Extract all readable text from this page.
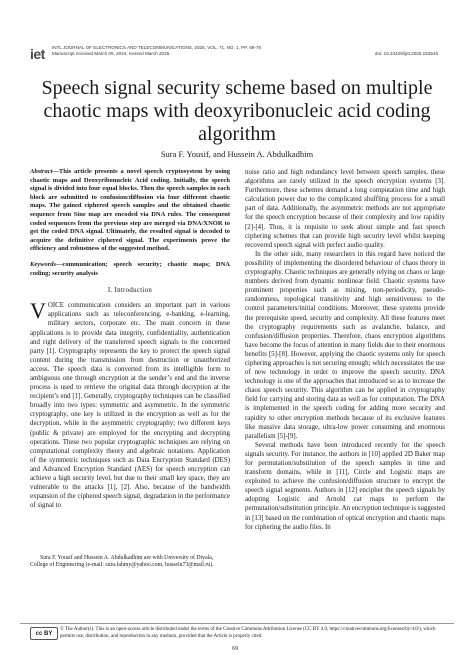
iet INTL JOURNAL OF ELECTRONICS AND TELECOMMUNICATIONS, 2025, VOL. 71, NO. 1, PP. 69-78
Manuscript received March 05, 2024; revised March 2025.	doi: 10.24425/ijet.2025.153546
Speech signal security scheme based on multiple chaotic maps with deoxyribonucleic acid coding algorithm
Sura F. Yousif, and Hussein A. Abdulkadhim
Abstract—This article presents a novel speech cryptosystem by using chaotic maps and Deoxyribonucleic Acid coding. Initially, the speech signal is divided into four equal blocks. Then the speech samples in each block are submitted to confusion/diffusion via four different chaotic maps. The gained ciphered speech samples and the obtained chaotic sequence from Sine map are encoded via DNA rules. The consequent coded sequences from the previous step are merged via DNA/XNOR to get the coded DNA signal. Ultimately, the resulted signal is decoded to acquire the definitive ciphered signal. The experiments prove the efficiency and robustness of the suggested method.
Keywords—communication; speech security; chaotic maps; DNA coding; security analysis
I. Introduction

VOICE communication considers an important part in various applications such as teleconferencing, e-banking, e-learning, military sectors, corporate etc. The main concern in these applications is to provide data integrity, confidentiality, authentication and right delivery of the transferred speech signals to the concerned party [1]. Cryptography represents the key to protect the speech signal content during the transmission from destruction or unauthorized access. The speech data is converted from its intelligible form to ambiguous one through encryption at the sender’s end and the inverse process is used to retrieve the original data through decryption at the recipient’s end [1]. Generally, cryptography techniques can be classified broadly into two types: symmetric and asymmetric. In the symmetric cryptography, one key is utilized in the encryption as well as for the decryption, while in the asymmetric cryptography; two different keys (public & private) are employed for the encrypting and decrypting operations. These two popular cryptographic techniques are relying on computational complexity theory and algebraic notations. Application of the symmetric techniques such as Data Encryption Standard (DES) and Advanced Encryption Standard (AES) for speech encryption can achieve a high security level, but due to their small key space, they are vulnerable to the attacks [1], [2]. Also, because of the bandwidth expansion of the ciphered speech signal, degradation in the performance of signal to

noise ratio and high redundancy level between speech samples, these algorithms are rarely utilized in the speech encryption systems [3]. Furthermore, these schemes demand a long computation time and high calculation power due to the complicated shuffling process for a small part of data. Additionally, the asymmetric methods are not appropriate for the speech encryption because of their complexity and low rapidity [2]-[4]. Thus, it is requisite to seek about simple and fast speech ciphering schemes that can provide high security level whilst keeping recovered speech signal with perfect audio quality.

In the other side, many researchers in this regard have noticed the possibility of implementing the disordered behaviour of chaos theory in cryptography. Chaotic techniques are generally relying on chaos or large numbers derived from dynamic nonlinear field. Chaotic systems have prominent properties such as mixing, non-periodicity, pseudo-randomness, topological transitivity and high sensitiveness to the control parameters/initial conditions. Moreover, these systems provide the prerequisite speed, security and complexity. All these features meet the cryptography requirements such as avalanche, balance, and confusion/diffusion properties. Therefore, chaos encryption algorithms have become the focus of attention in many fields due to their enormous benefits [5]-[8]. However, applying the chaotic systems only for speech ciphering approaches is not securing enough; which necessitates the use of new technology in order to improve the speech security. DNA technology is one of the approaches that introduced so as to increase the chaos speech security. This algorithm can be applied in cryptography field for carrying and storing data as well as for computation. The DNA is implemented in the speech coding for adding more security and rapidity to other encryption methods because of its exclusive features like massive data storage, ultra-low power consuming and enormous parallelism [5]-[9].

Several methods have been introduced recently for the speech signals security. For instance, the authors in [10] applied 2D Baker map for permutation/substitution of the speech samples in time and transform domains, while in [11], Circle and Logistic maps are exploited to achieve the confusion/diffusion structure to encrypt the speech signal segments. Authors in [12] encipher the speech signals by adopting Logistic and Arnold cat maps to perform the permutation/substitution principle. An encryption technique is suggested in [13] based on the combination of optical encryption and chaotic maps for ciphering the audio files. In

Sura F. Yousif and Hussein A. Abdulkadhim are with University of Diyala, College of Engineering (e-mail: sura.fahmy@yahoo.com, hussein73@mail.ru).
cc BY
© The Author(s). This is an open-access article distributed under the terms of the Creative Commons Attribution License (CC BY 4.0, https://creativecommons.org/licenses/by/4.0/), which permits use, distribution, and reproduction in any medium, provided that the Article is properly cited.
69
